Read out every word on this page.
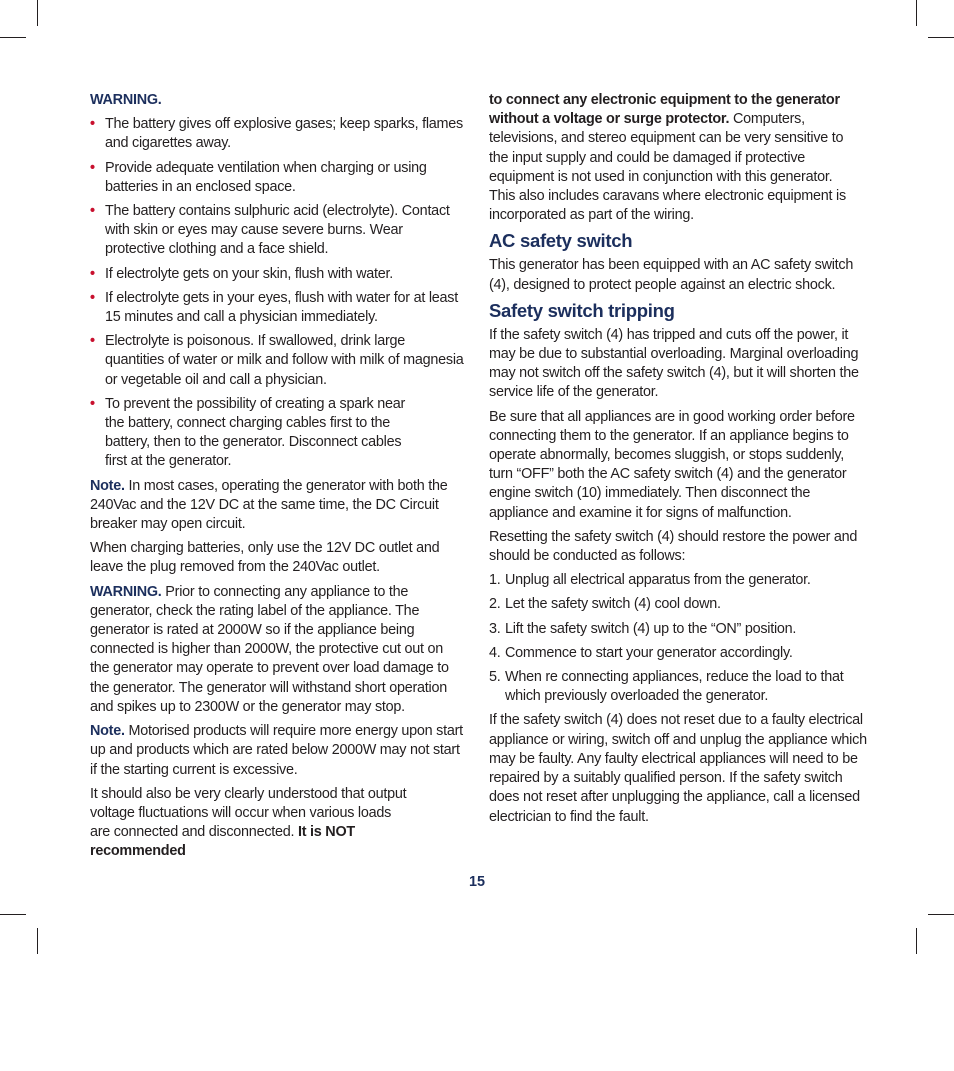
WARNING.

• The battery gives off explosive gases; keep sparks, flames and cigarettes away.
• Provide adequate ventilation when charging or using batteries in an enclosed space.
• The battery contains sulphuric acid (electrolyte). Contact with skin or eyes may cause severe burns. Wear protective clothing and a face shield.
• If electrolyte gets on your skin, flush with water.
• If electrolyte gets in your eyes, flush with water for at least 15 minutes and call a physician immediately.
• Electrolyte is poisonous. If swallowed, drink large quantities of water or milk and follow with milk of magnesia or vegetable oil and call a physician.
• To prevent the possibility of creating a spark near the battery, connect charging cables first to the battery, then to the generator. Disconnect cables first at the generator.

Note. In most cases, operating the generator with both the 240Vac and the 12V DC at the same time, the DC Circuit breaker may open circuit.

When charging batteries, only use the 12V DC outlet and leave the plug removed from the 240Vac outlet.

WARNING. Prior to connecting any appliance to the generator, check the rating label of the appliance. The generator is rated at 2000W so if the appliance being connected is higher than 2000W, the protective cut out on the generator may operate to prevent over load damage to the generator. The generator will withstand short operation and spikes up to 2300W or the generator may stop.

Note. Motorised products will require more energy upon start up and products which are rated below 2000W may not start if the starting current is excessive.

It should also be very clearly understood that output voltage fluctuations will occur when various loads are connected and disconnected. It is NOT recommended

to connect any electronic equipment to the generator without a voltage or surge protector. Computers, televisions, and stereo equipment can be very sensitive to the input supply and could be damaged if protective equipment is not used in conjunction with this generator. This also includes caravans where electronic equipment is incorporated as part of the wiring.

AC safety switch

This generator has been equipped with an AC safety switch (4), designed to protect people against an electric shock.

Safety switch tripping

If the safety switch (4) has tripped and cuts off the power, it may be due to substantial overloading. Marginal overloading may not switch off the safety switch (4), but it will shorten the service life of the generator.

Be sure that all appliances are in good working order before connecting them to the generator. If an appliance begins to operate abnormally, becomes sluggish, or stops suddenly, turn “OFF” both the AC safety switch (4) and the generator engine switch (10) immediately. Then disconnect the appliance and examine it for signs of malfunction.

Resetting the safety switch (4) should restore the power and should be conducted as follows:

1. Unplug all electrical apparatus from the generator.
2. Let the safety switch (4) cool down.
3. Lift the safety switch (4) up to the “ON” position.
4. Commence to start your generator accordingly.
5. When re connecting appliances, reduce the load to that which previously overloaded the generator.

If the safety switch (4) does not reset due to a faulty electrical appliance or wiring, switch off and unplug the appliance which may be faulty. Any faulty electrical appliances will need to be repaired by a suitably qualified person. If the safety switch does not reset after unplugging the appliance, call a licensed electrician to find the fault.

15
